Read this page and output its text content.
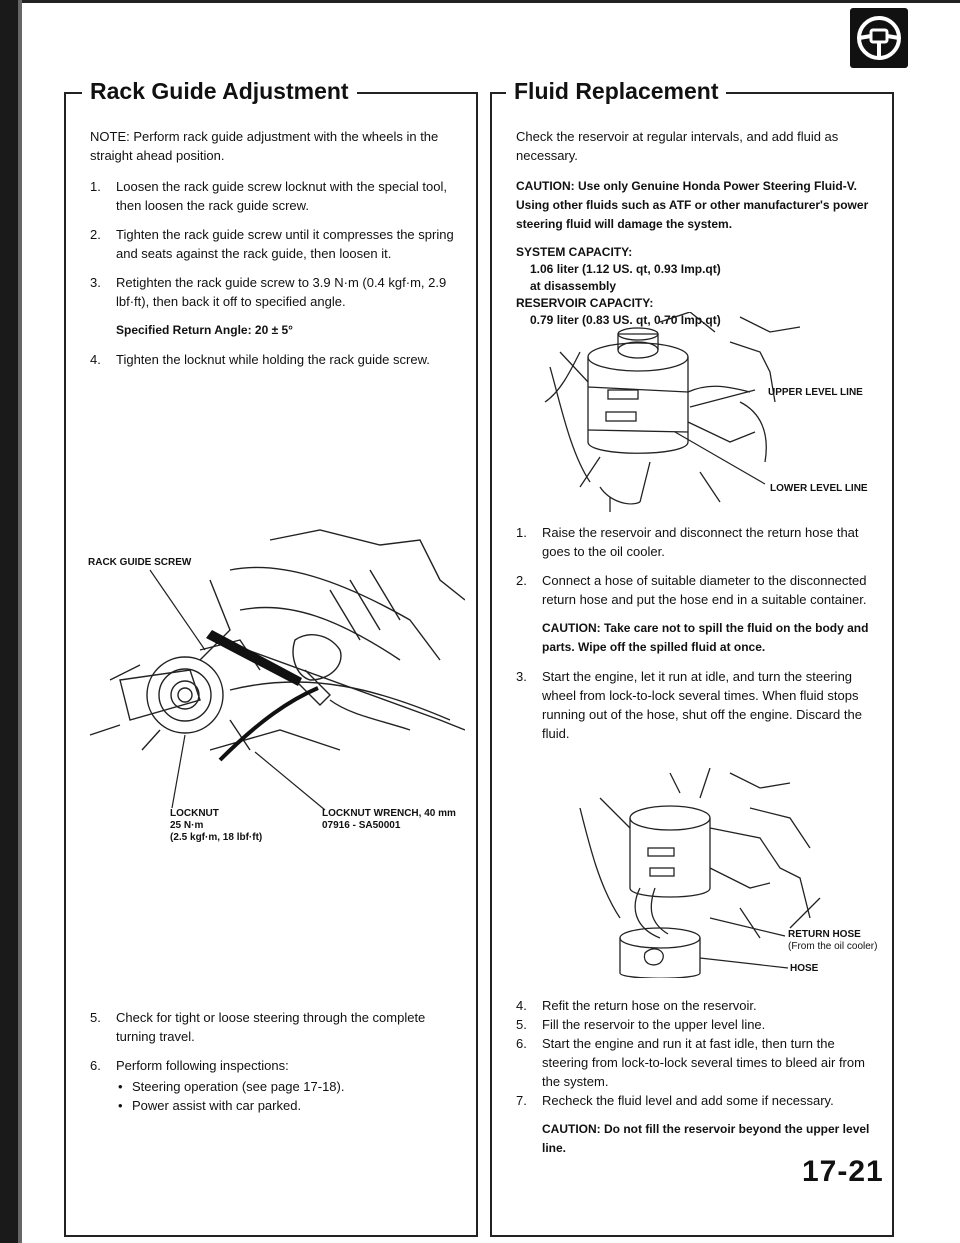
Rack Guide Adjustment

NOTE: Perform rack guide adjustment with the wheels in the straight ahead position.

1. Loosen the rack guide screw locknut with the special tool, then loosen the rack guide screw.
2. Tighten the rack guide screw until it compresses the spring and seats against the rack guide, then loosen it.
3. Retighten the rack guide screw to 3.9 N·m (0.4 kgf·m, 2.9 lbf·ft), then back it off to specified angle.

Specified Return Angle: 20 ± 5°

4. Tighten the locknut while holding the rack guide screw.
RACK GUIDE SCREW
LOCKNUT
25 N·m
(2.5 kgf·m, 18 lbf·ft)
LOCKNUT WRENCH, 40 mm
07916 - SA50001
5. Check for tight or loose steering through the complete turning travel.
6. Perform following inspections:
• Steering operation (see page 17-18).
• Power assist with car parked.
Fluid Replacement

Check the reservoir at regular intervals, and add fluid as necessary.

CAUTION: Use only Genuine Honda Power Steering Fluid-V. Using other fluids such as ATF or other manufacturer's power steering fluid will damage the system.

SYSTEM CAPACITY:
1.06 liter (1.12 US. qt, 0.93 Imp.qt)
at disassembly
RESERVOIR CAPACITY:
0.79 liter (0.83 US. qt, 0.70 Imp.qt)
UPPER LEVEL LINE
LOWER LEVEL LINE
1. Raise the reservoir and disconnect the return hose that goes to the oil cooler.
2. Connect a hose of suitable diameter to the disconnected return hose and put the hose end in a suitable container.

CAUTION: Take care not to spill the fluid on the body and parts. Wipe off the spilled fluid at once.

3. Start the engine, let it run at idle, and turn the steering wheel from lock-to-lock several times. When fluid stops running out of the hose, shut off the engine. Discard the fluid.
RETURN HOSE
(From the oil cooler)
HOSE
4. Refit the return hose on the reservoir.
5. Fill the reservoir to the upper level line.
6. Start the engine and run it at fast idle, then turn the steering from lock-to-lock several times to bleed air from the system.
7. Recheck the fluid level and add some if necessary.

CAUTION: Do not fill the reservoir beyond the upper level line.

17-21
